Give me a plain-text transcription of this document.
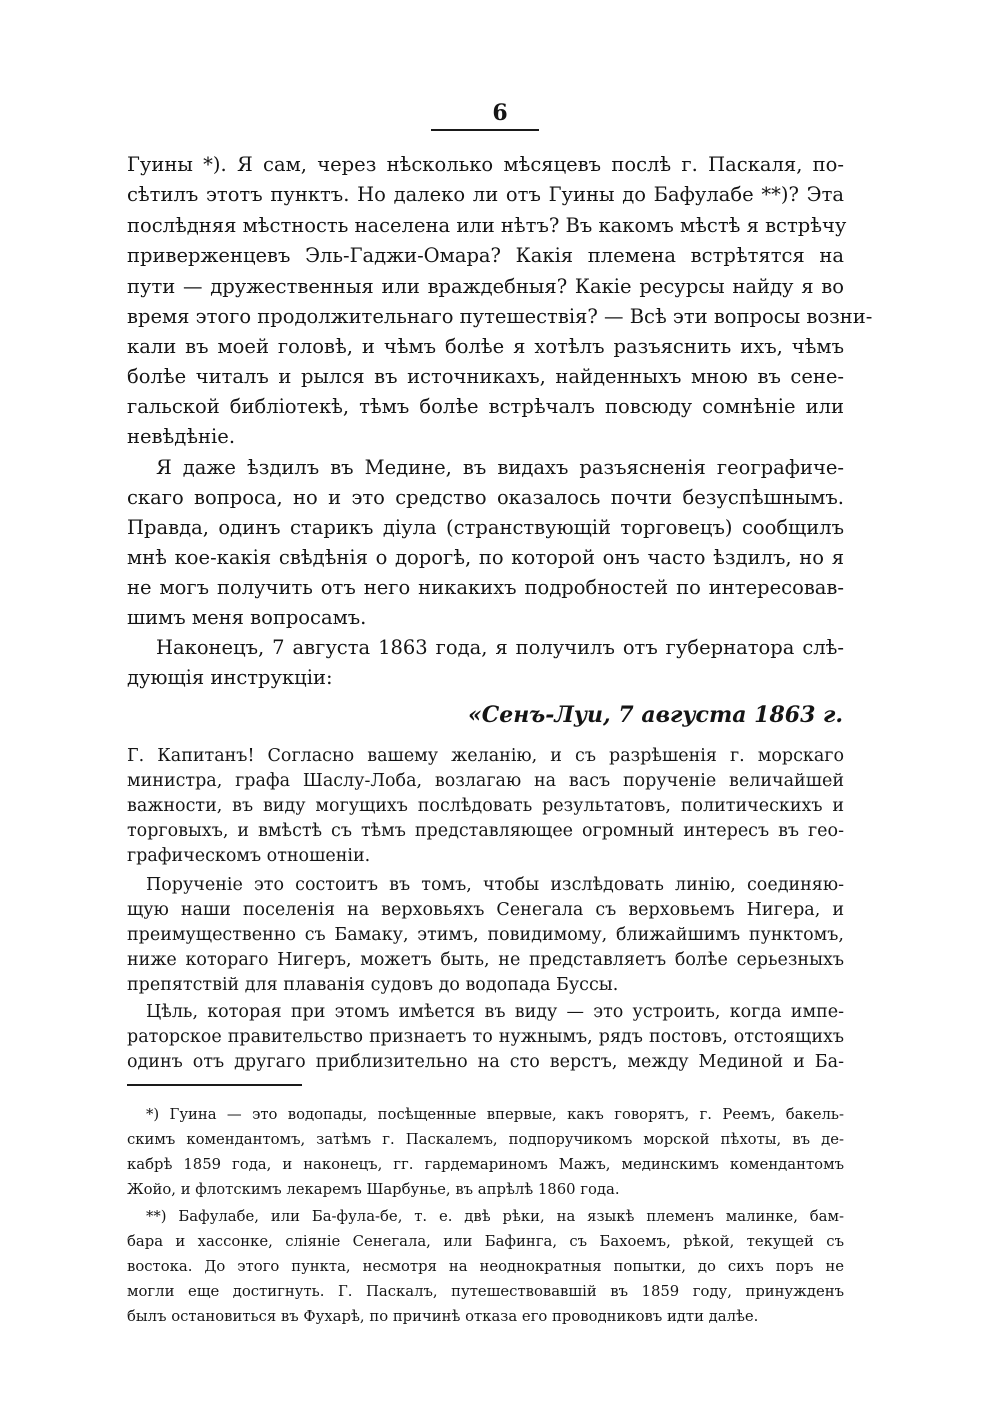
6
Гуины *). Я сам, через нѣсколько мѣсяцевъ послѣ г. Паскаля, по-
сѣтилъ этотъ пунктъ. Но далеко ли отъ Гуины до Бафулабе **)? Эта
послѣдняя мѣстность населена или нѣтъ? Въ какомъ мѣстѣ я встрѣчу
приверженцевъ Эль-Гаджи-Омара? Какія племена встрѣтятся на
пути — дружественныя или враждебныя? Какіе ресурсы найду я во
время этого продолжительнаго путешествія? — Всѣ эти вопросы возни-
кали въ моей головѣ, и чѣмъ болѣе я хотѣлъ разъяснить ихъ, чѣмъ
болѣе читалъ и рылся въ источникахъ, найденныхъ мною въ сене-
гальской библіотекѣ, тѣмъ болѣе встрѣчалъ повсюду сомнѣніе или
невѣдѣніе.
Я даже ѣздилъ въ Медине, въ видахъ разъясненія географиче-
скаго вопроса, но и это средство оказалось почти безуспѣшнымъ.
Правда, одинъ старикъ діула (странствующій торговецъ) сообщилъ
мнѣ кое-какія свѣдѣнія о дорогѣ, по которой онъ часто ѣздилъ, но я
не могъ получить отъ него никакихъ подробностей по интересовав-
шимъ меня вопросамъ.
Наконецъ, 7 августа 1863 года, я получилъ отъ губернатора слѣ-
дующія инструкціи:
«Сенъ-Луи, 7 августа 1863 г.
Г. Капитанъ! Согласно вашему желанію, и съ разрѣшенія г. морскаго
министра, графа Шаслу-Лоба, возлагаю на васъ порученіе величайшей
важности, въ виду могущихъ послѣдовать результатовъ, политическихъ и
торговыхъ, и вмѣстѣ съ тѣмъ представляющее огромный интересъ въ гео-
графическомъ отношеніи.
Порученіе это состоитъ въ томъ, чтобы изслѣдовать линію, соединяю-
щую наши поселенія на верховьяхъ Сенегала съ верховьемъ Нигера, и
преимущественно съ Бамаку, этимъ, повидимому, ближайшимъ пунктомъ,
ниже котораго Нигеръ, можетъ быть, не представляетъ болѣе серьезныхъ
препятствій для плаванія судовъ до водопада Буссы.
Цѣль, которая при этомъ имѣется въ виду — это устроить, когда импе-
раторское правительство признаетъ то нужнымъ, рядъ постовъ, отстоящихъ
одинъ отъ другаго приблизительно на сто верстъ, между Мединой и Ба-
*) Гуина — это водопады, посѣщенные впервые, какъ говорятъ, г. Реемъ, бакель-
скимъ комендантомъ, затѣмъ г. Паскалемъ, подпоручикомъ морской пѣхоты, въ де-
кабрѣ 1859 года, и наконецъ, гг. гардемариномъ Мажъ, мединскимъ комендантомъ
Жойо, и флотскимъ лекаремъ Шарбунье, въ апрѣлѣ 1860 года.
**) Бафулабе, или Ба-фула-бе, т. е. двѣ рѣки, на языкѣ племенъ малинке, бам-
бара и хассонке, сліяніе Сенегала, или Бафинга, съ Бахоемъ, рѣкой, текущей съ
востока. До этого пункта, несмотря на неоднократныя попытки, до сихъ поръ не
могли еще достигнуть. Г. Паскалъ, путешествовавшій въ 1859 году, принужденъ
былъ остановиться въ Фухарѣ, по причинѣ отказа его проводниковъ идти далѣе.
